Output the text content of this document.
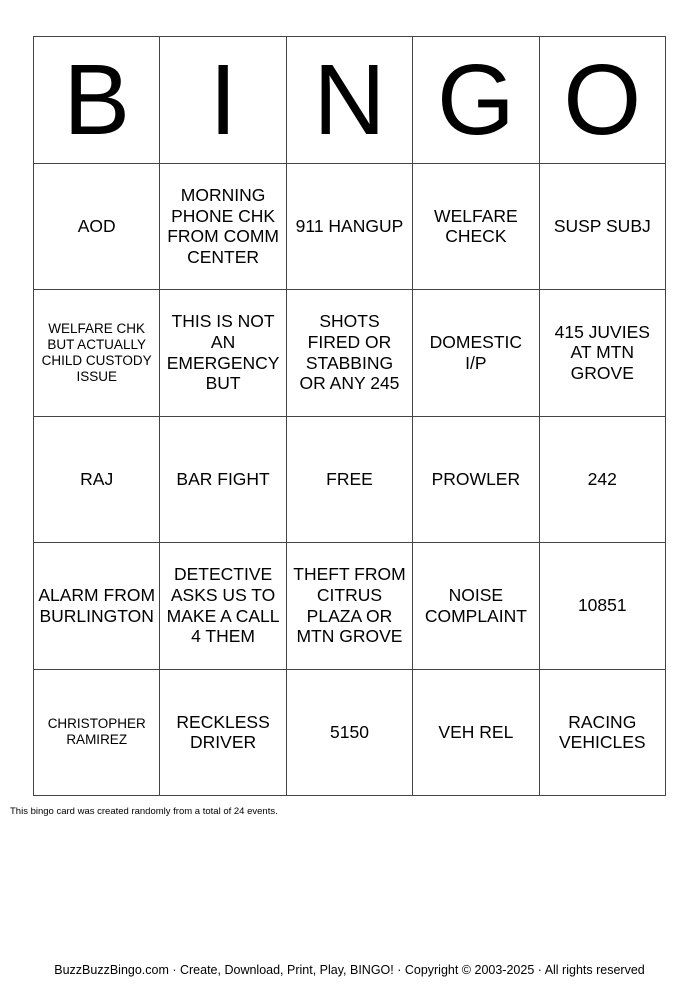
B	I	N	G	O
AOD	MORNING PHONE CHK FROM COMM CENTER	911 HANGUP	WELFARE CHECK	SUSP SUBJ
WELFARE CHK BUT ACTUALLY CHILD CUSTODY ISSUE	THIS IS NOT AN EMERGENCY BUT	SHOTS FIRED OR STABBING OR ANY 245	DOMESTIC I/P	415 JUVIES AT MTN GROVE
RAJ	BAR FIGHT	FREE	PROWLER	242
ALARM FROM BURLINGTON	DETECTIVE ASKS US TO MAKE A CALL 4 THEM	THEFT FROM CITRUS PLAZA OR MTN GROVE	NOISE COMPLAINT	10851
CHRISTOPHER RAMIREZ	RECKLESS DRIVER	5150	VEH REL	RACING VEHICLES
This bingo card was created randomly from a total of 24 events.
BuzzBuzzBingo.com · Create, Download, Print, Play, BINGO! · Copyright © 2003-2025 · All rights reserved
